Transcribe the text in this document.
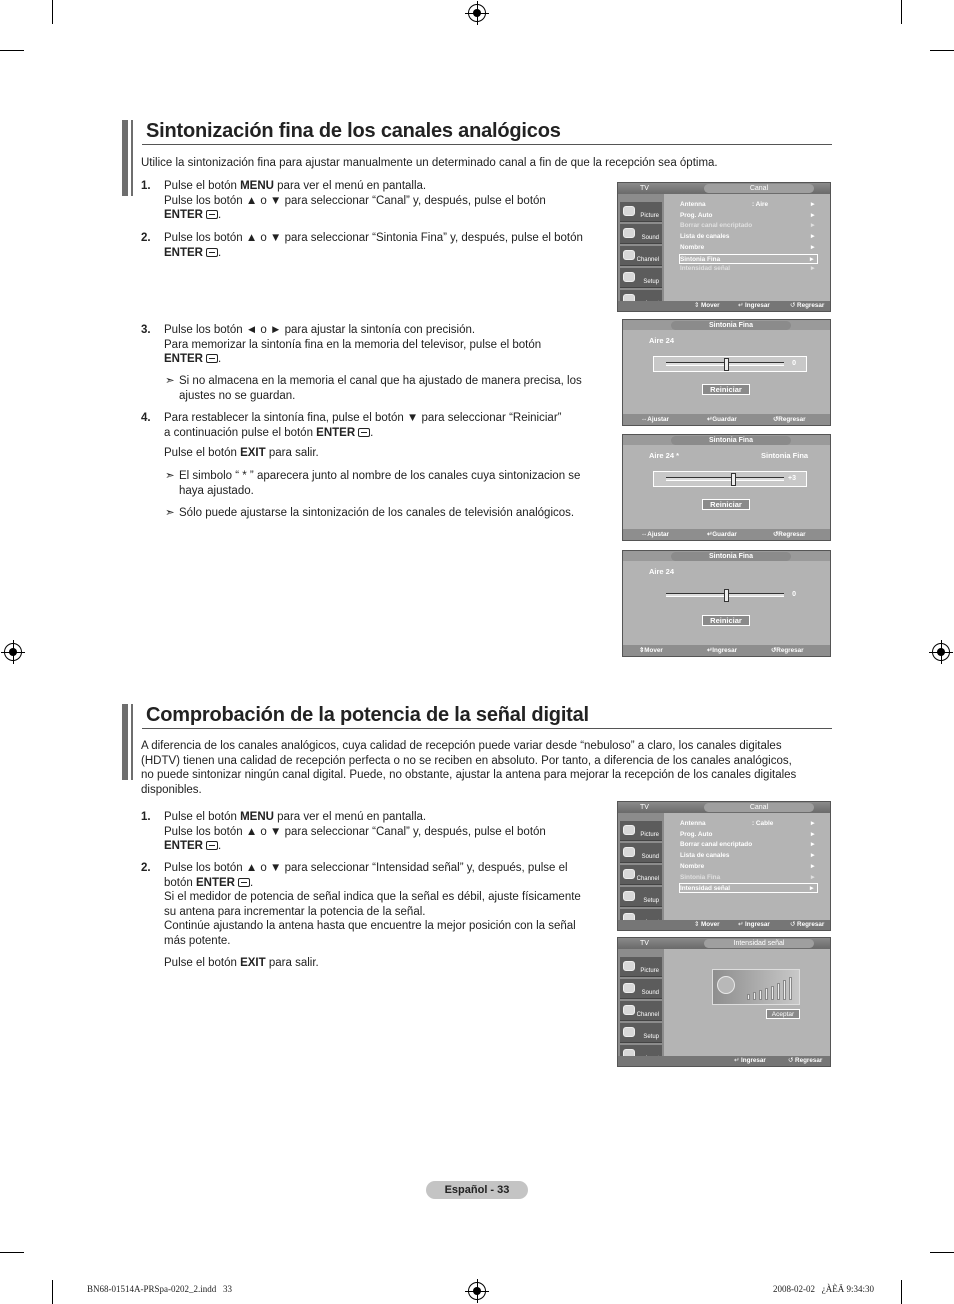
Sintonización fina de los canales analógicos
Utilice la sintonización fina para ajustar manualmente un determinado canal a fin de que la recepción sea óptima.
1. Pulse el botón MENU para ver el menú en pantalla.

Pulse los botón ▲ o ▼ para seleccionar “Canal” y, después, pulse el botón

ENTER .

2. Pulse los botón ▲ o ▼ para seleccionar “Sintonia Fina” y, después, pulse el botón

ENTER .

3. Pulse los botón ◄ o ► para ajustar la sintonía con precisión.

Para memorizar la sintonía fina en la memoria del televisor, pulse el botón

ENTER .

➣ Si no almacena en la memoria el canal que ha ajustado de manera precisa, los

ajustes no se guardan.

4. Para restablecer la sintonía fina, pulse el botón ▼ para seleccionar “Reiniciar”

a continuación pulse el botón ENTER .

Pulse el botón EXIT para salir.

➣ El simbolo “ * ” aparecera junto al nombre de los canales cuya sintonizacion se

haya ajustado.

➣ Sólo puede ajustarse la sintonización de los canales de televisión analógicos.

TV	Canal
Picture
Sound
Channel
Setup
Antenna	: Aire	►
Prog. Auto	►
Borrar canal encriptado	►
Lista de canales	►
Nombre	►
Sintonia Fina	►
Intensidad señal	►
⇕ Mover	↵ Ingresar	↺ Regresar
Sintonia Fina
Aire 24
0
Reiniciar
⇔ Ajustar	↵ Guardar	↺ Regresar
Sintonia Fina
Aire 24 *	Sintonia Fina
+3
Reiniciar
⇔ Ajustar	↵ Guardar	↺ Regresar
Sintonia Fina
Aire 24
0
Reiniciar
⇕ Mover	↵ Ingresar	↺ Regresar
Comprobación de la potencia de la señal digital

A diferencia de los canales analógicos, cuya calidad de recepción puede variar desde “nebuloso” a claro, los canales digitales

(HDTV) tienen una calidad de recepción perfecta o no se reciben en absoluto. Por tanto, a diferencia de los canales analógicos,

no puede sintonizar ningún canal digital. Puede, no obstante, ajustar la antena para mejorar la recepción de los canales digitales

disponibles.

1. Pulse el botón MENU para ver el menú en pantalla.

Pulse los botón ▲ o ▼ para seleccionar “Canal” y, después, pulse el botón

ENTER .

2. Pulse los botón ▲ o ▼ para seleccionar “Intensidad señal” y, después, pulse el

botón ENTER .

Si el medidor de potencia de señal indica que la señal es débil, ajuste físicamente

su antena para incrementar la potencia de la señal.

Continúe ajustando la antena hasta que encuentre la mejor posición con la señal

más potente.

Pulse el botón EXIT para salir.

TV	Canal
Picture
Sound
Channel
Setup
Antenna	: Cable	►
Prog. Auto	►
Borrar canal encriptado	►
Lista de canales	►
Nombre	►
Sintonia Fina	►
Intensidad señal	►
⇕ Mover	↵ Ingresar	↺ Regresar
TV	Intensidad señal
Picture
Sound
Channel
Setup
Aceptar
↵ Ingresar	↺ Regresar
Español - 33
BN68-01514A-PRSpa-0202_2.indd   33	2008-02-02   ¿ÀÈÄ 9:34:30
